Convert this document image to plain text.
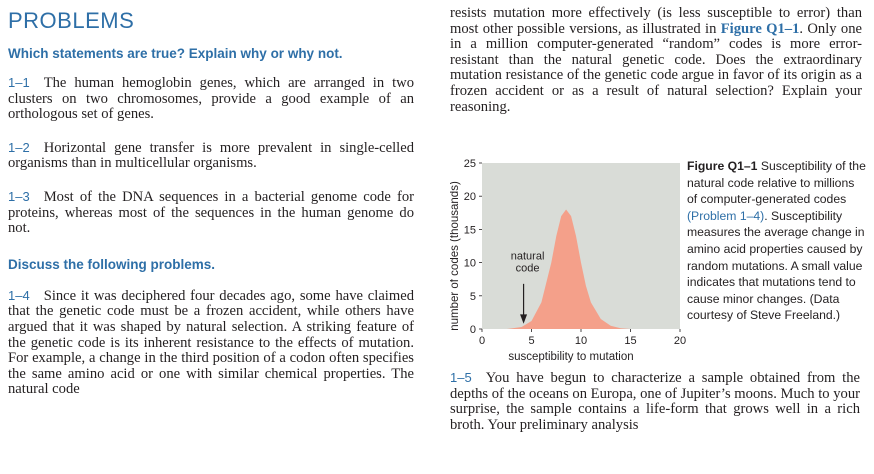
PROBLEMS
Which statements are true? Explain why or why not.

1–1 The human hemoglobin genes, which are arranged in two clusters on two chromosomes, provide a good example of an orthologous set of genes.

1–2 Horizontal gene transfer is more prevalent in single-celled organisms than in multicellular organisms.

1–3 Most of the DNA sequences in a bacterial genome code for proteins, whereas most of the sequences in the human genome do not.

Discuss the following problems.

1–4 Since it was deciphered four decades ago, some have claimed that the genetic code must be a frozen accident, while others have argued that it was shaped by natural selection. A striking feature of the genetic code is its inherent resistance to the effects of mutation. For example, a change in the third position of a codon often specifies the same amino acid or one with similar chemical properties. The natural code

resists mutation more effectively (is less susceptible to error) than most other possible versions, as illustrated in Figure Q1–1. Only one in a million computer-generated “random” codes is more error-resistant than the natural genetic code. Does the extraordinary mutation resistance of the genetic code argue in favor of its origin as a frozen accident or as a result of natural selection? Explain your reasoning.

0	5	10	15	20
0
5
10
15
20
25
susceptibility to mutation
number of codes (thousands)	natural
code
Figure Q1–1 Susceptibility of the natural code relative to millions of computer-generated codes (Problem 1–4). Susceptibility measures the average change in amino acid properties caused by random mutations. A small value indicates that mutations tend to cause minor changes. (Data courtesy of Steve Freeland.)

1–5 You have begun to characterize a sample obtained from the depths of the oceans on Europa, one of Jupiter’s moons. Much to your surprise, the sample contains a life-form that grows well in a rich broth. Your preliminary analysis
